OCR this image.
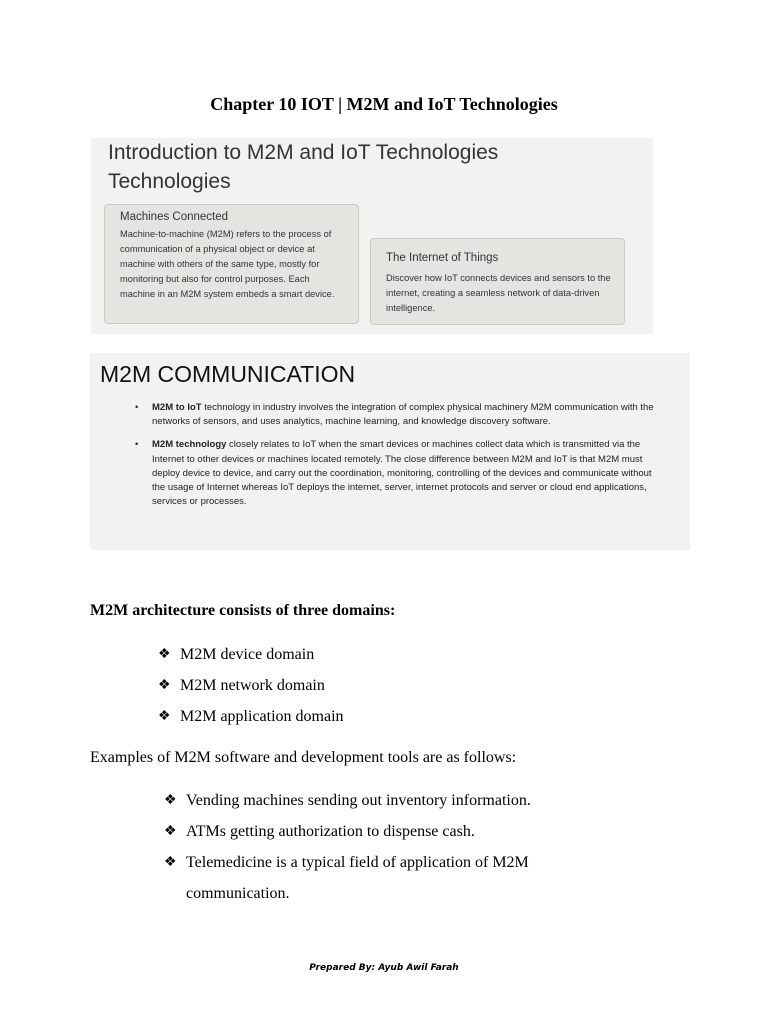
Chapter 10 IOT | M2M and IoT Technologies
Introduction to M2M and IoT Technologies
Technologies
Machines Connected
Machine-to-machine (M2M) refers to the process of communication of a physical object or device at machine with others of the same type, mostly for monitoring but also for control purposes. Each machine in an M2M system embeds a smart device.
The Internet of Things
Discover how IoT connects devices and sensors to the internet, creating a seamless network of data-driven intelligence.
M2M COMMUNICATION
• M2M to IoT technology in industry involves the integration of complex physical machinery M2M communication with the networks of sensors, and uses analytics, machine learning, and knowledge discovery software.
• M2M technology closely relates to IoT when the smart devices or machines collect data which is transmitted via the Internet to other devices or machines located remotely. The close difference between M2M and IoT is that M2M must deploy device to device, and carry out the coordination, monitoring, controlling of the devices and communicate without the usage of Internet whereas IoT deploys the internet, server, internet protocols and server or cloud end applications, services or processes.
M2M architecture consists of three domains:
❖ M2M device domain
❖ M2M network domain
❖ M2M application domain
Examples of M2M software and development tools are as follows:
❖ Vending machines sending out inventory information.
❖ ATMs getting authorization to dispense cash.
❖ Telemedicine is a typical field of application of M2M communication.
Prepared By: Ayub Awil Farah
